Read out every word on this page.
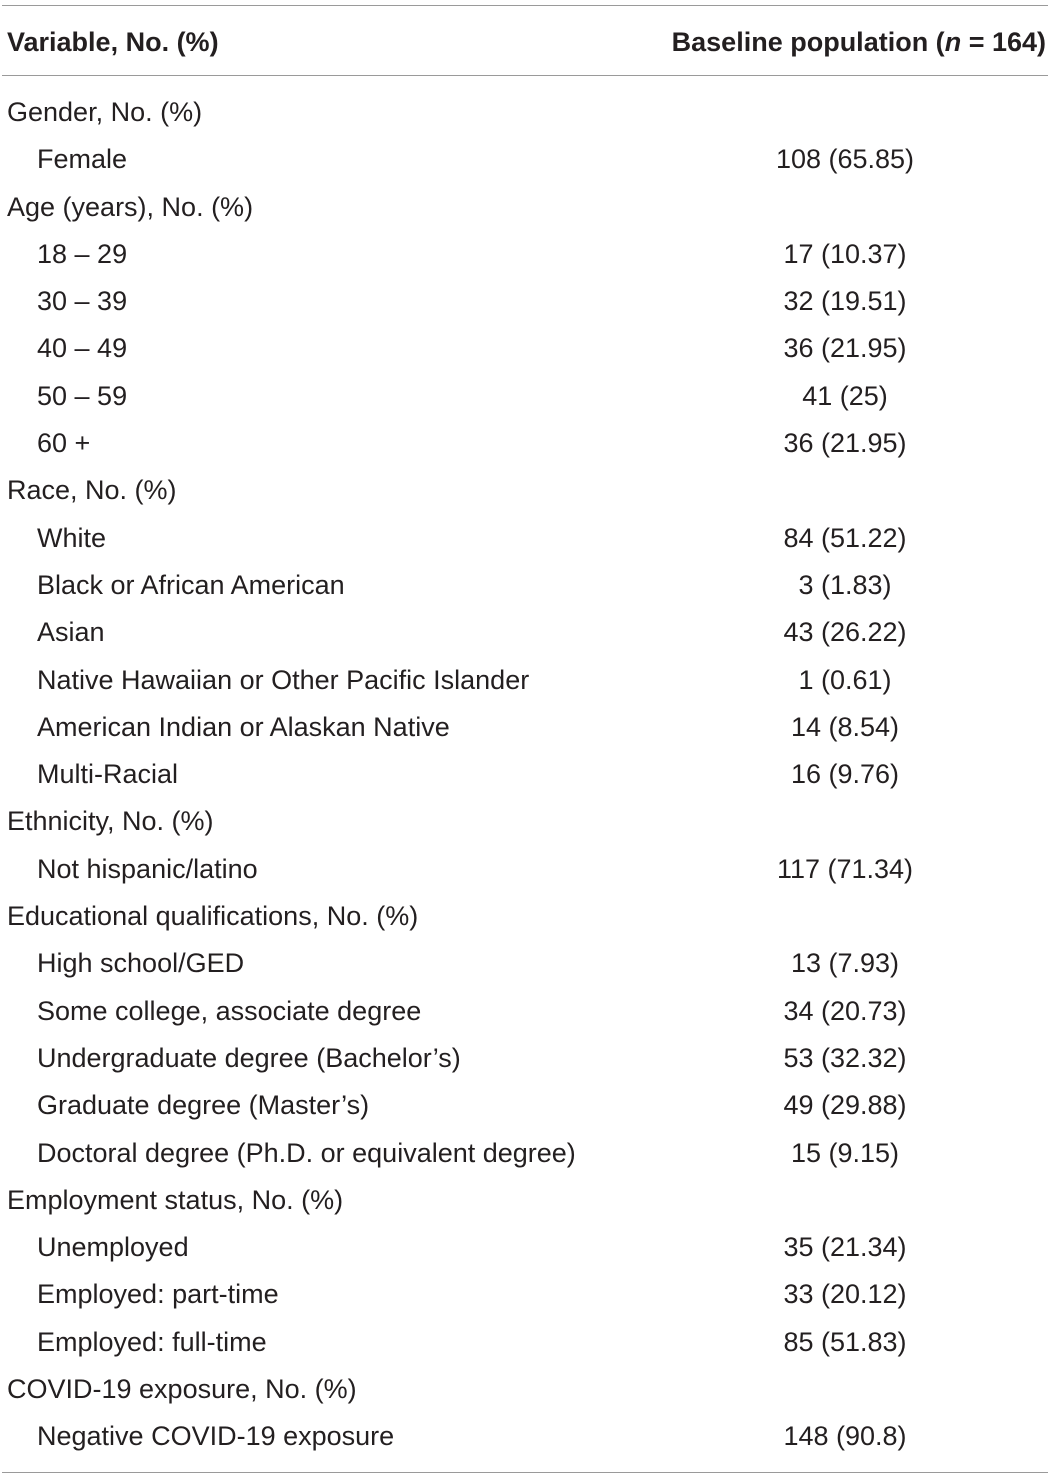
Variable, No. (%)	Baseline population (n = 164)
Gender, No. (%)
Female	108 (65.85)
Age (years), No. (%)
18 – 29	17 (10.37)
30 – 39	32 (19.51)
40 – 49	36 (21.95)
50 – 59	41 (25)
60 +	36 (21.95)
Race, No. (%)
White	84 (51.22)
Black or African American	3 (1.83)
Asian	43 (26.22)
Native Hawaiian or Other Pacific Islander	1 (0.61)
American Indian or Alaskan Native	14 (8.54)
Multi-Racial	16 (9.76)
Ethnicity, No. (%)
Not hispanic/latino	117 (71.34)
Educational qualifications, No. (%)
High school/GED	13 (7.93)
Some college, associate degree	34 (20.73)
Undergraduate degree (Bachelor’s)	53 (32.32)
Graduate degree (Master’s)	49 (29.88)
Doctoral degree (Ph.D. or equivalent degree)	15 (9.15)
Employment status, No. (%)
Unemployed	35 (21.34)
Employed: part-time	33 (20.12)
Employed: full-time	85 (51.83)
COVID-19 exposure, No. (%)
Negative COVID-19 exposure	148 (90.8)
